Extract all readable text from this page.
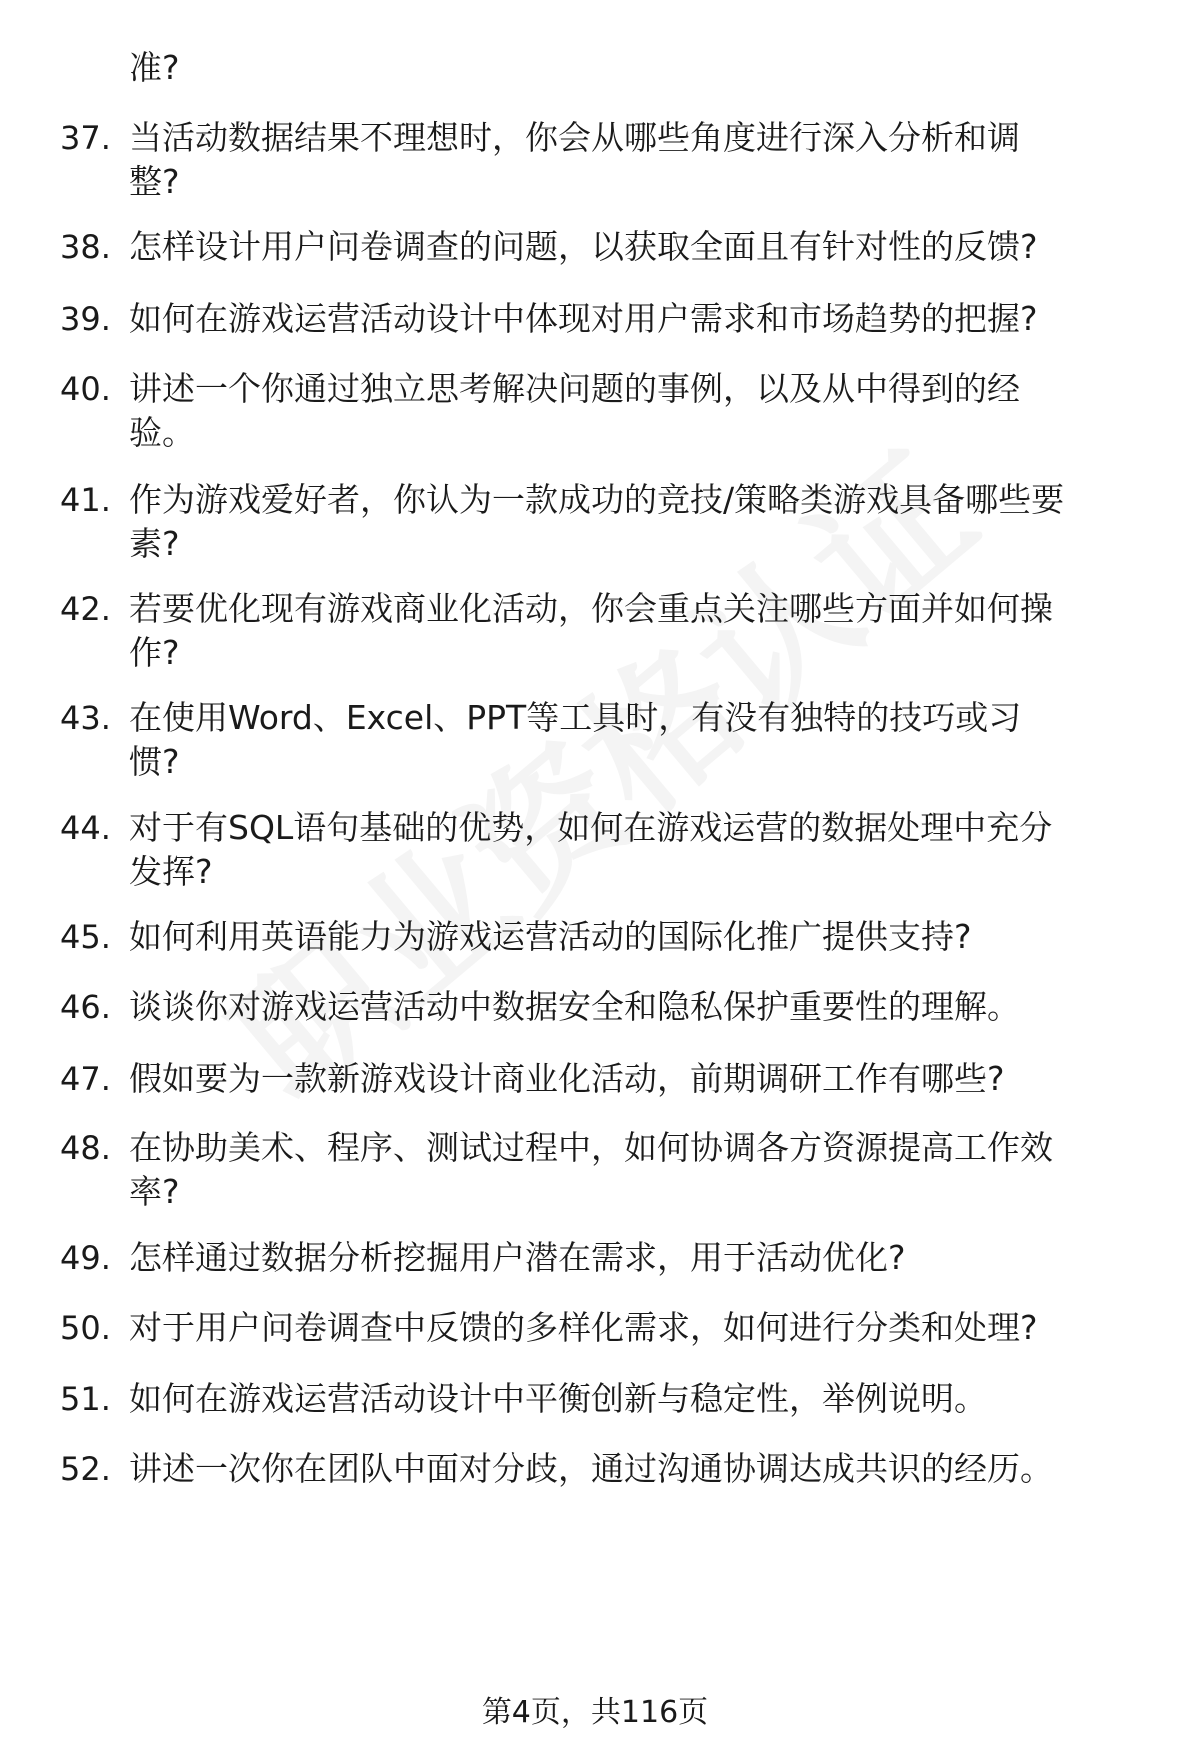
准?
37. 当活动数据结果不理想时，你会从哪些角度进行深入分析和调
整?
38. 怎样设计用户问卷调查的问题，以获取全面且有针对性的反馈?
39. 如何在游戏运营活动设计中体现对用户需求和市场趋势的把握?
40. 讲述一个你通过独立思考解决问题的事例，以及从中得到的经
验。
41. 作为游戏爱好者，你认为一款成功的竞技/策略类游戏具备哪些要
素?
42. 若要优化现有游戏商业化活动，你会重点关注哪些方面并如何操
作?
43. 在使用Word、Excel、PPT等工具时，有没有独特的技巧或习
惯?
44. 对于有SQL语句基础的优势，如何在游戏运营的数据处理中充分
发挥?
45. 如何利用英语能力为游戏运营活动的国际化推广提供支持?
46. 谈谈你对游戏运营活动中数据安全和隐私保护重要性的理解。
47. 假如要为一款新游戏设计商业化活动，前期调研工作有哪些?
48. 在协助美术、程序、测试过程中，如何协调各方资源提高工作效
率?
49. 怎样通过数据分析挖掘用户潜在需求，用于活动优化?
50. 对于用户问卷调查中反馈的多样化需求，如何进行分类和处理?
51. 如何在游戏运营活动设计中平衡创新与稳定性，举例说明。
52. 讲述一次你在团队中面对分歧，通过沟通协调达成共识的经历。
第4页，共116页
